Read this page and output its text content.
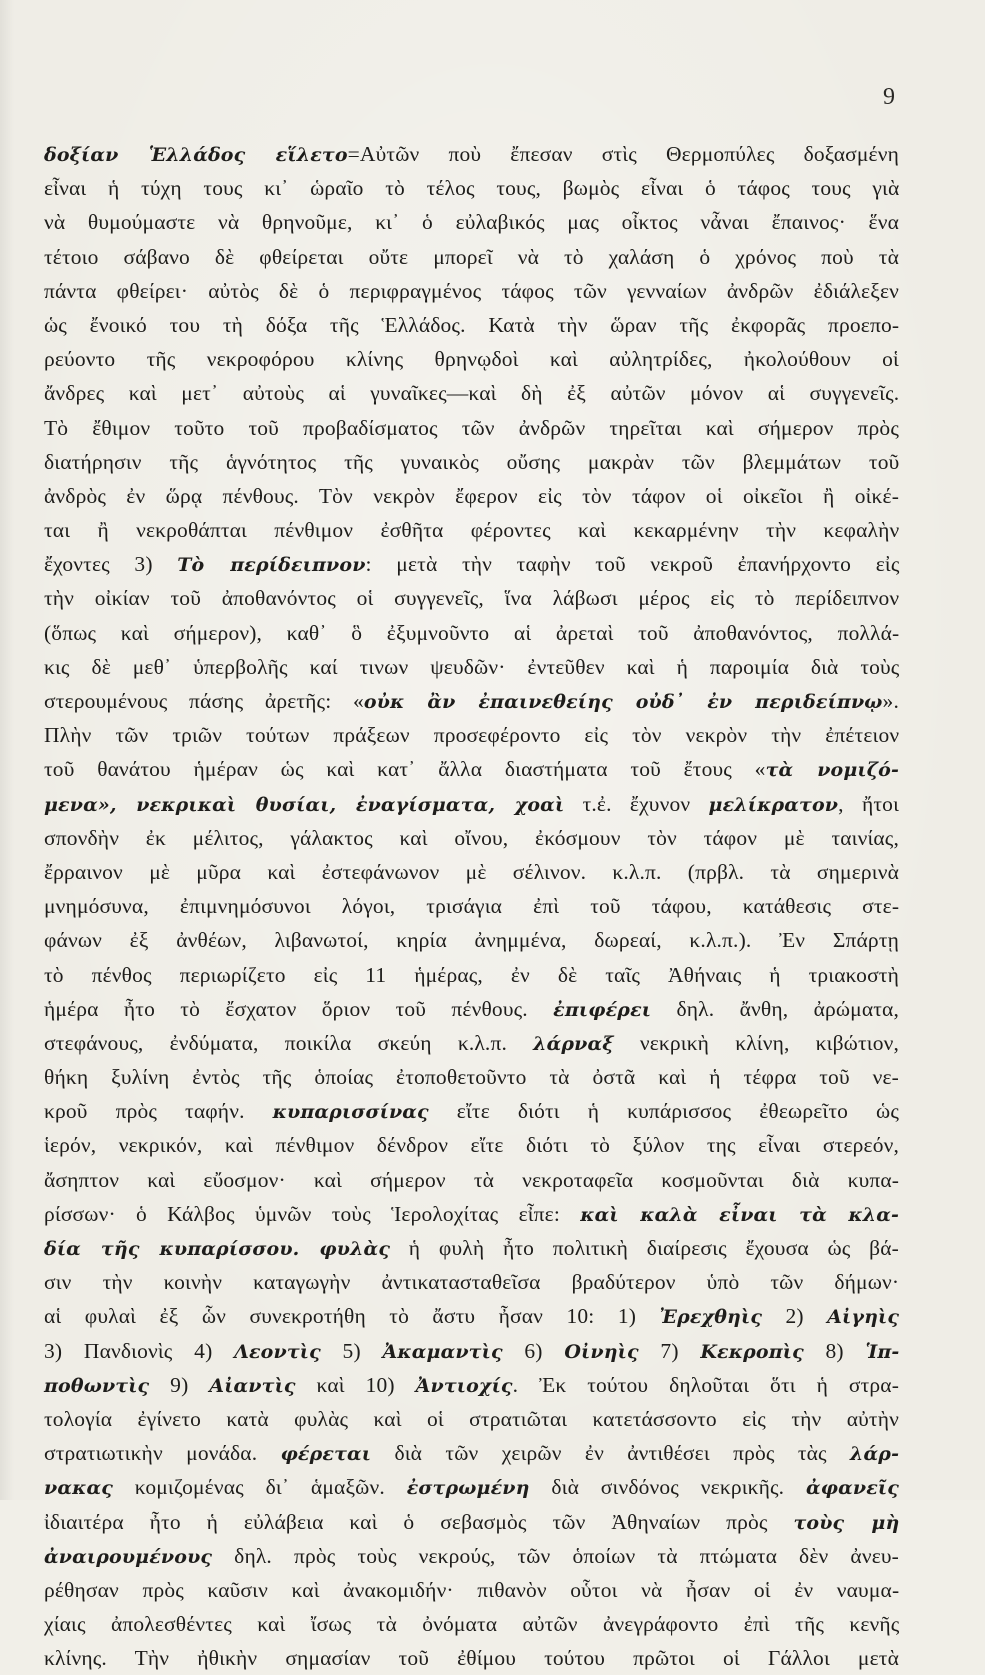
9
δοξίαν Ἑλλάδος εἵλετο=Αὐτῶν ποὺ ἔπεσαν στὶς Θερμοπύλες δοξασμένη
εἶναι ἡ τύχη τους κι᾽ ὡραῖο τὸ τέλος τους, βωμὸς εἶναι ὁ τάφος τους γιὰ
νὰ θυμούμαστε νὰ θρηνοῦμε, κι᾽ ὁ εὐλαβικός μας οἶκτος νἆναι ἔπαινος· ἕνα
τέτοιο σάβανο δὲ φθείρεται οὔτε μπορεῖ νὰ τὸ χαλάση ὁ χρόνος ποὺ τὰ
πάντα φθείρει· αὐτὸς δὲ ὁ περιφραγμένος τάφος τῶν γενναίων ἀνδρῶν ἐδιάλεξεν
ὡς ἔνοικό του τὴ δόξα τῆς Ἑλλάδος. Κατὰ τὴν ὥραν τῆς ἐκφορᾶς προεπο-
ρεύοντο τῆς νεκροφόρου κλίνης θρηνῳδοὶ καὶ αὐλητρίδες, ἠκολούθουν οἱ
ἄνδρες καὶ μετ᾽ αὐτοὺς αἱ γυναῖκες—καὶ δὴ ἐξ αὐτῶν μόνον αἱ συγγενεῖς.
Τὸ ἔθιμον τοῦτο τοῦ προβαδίσματος τῶν ἀνδρῶν τηρεῖται καὶ σήμερον πρὸς
διατήρησιν τῆς ἁγνότητος τῆς γυναικὸς οὔσης μακρὰν τῶν βλεμμάτων τοῦ
ἀνδρὸς ἐν ὥρᾳ πένθους. Τὸν νεκρὸν ἔφερον εἰς τὸν τάφον οἱ οἰκεῖοι ἢ οἰκέ-
ται ἢ νεκροθάπται πένθιμον ἐσθῆτα φέροντες καὶ κεκαρμένην τὴν κεφαλὴν
ἔχοντες 3) Τὸ περίδειπνον: μετὰ τὴν ταφὴν τοῦ νεκροῦ ἐπανήρχοντο εἰς
τὴν οἰκίαν τοῦ ἀποθανόντος οἱ συγγενεῖς, ἵνα λάβωσι μέρος εἰς τὸ περίδειπνον
(ὅπως καὶ σήμερον), καθ᾽ ὃ ἐξυμνοῦντο αἱ ἀρεταὶ τοῦ ἀποθανόντος, πολλά-
κις δὲ μεθ᾽ ὑπερβολῆς καί τινων ψευδῶν· ἐντεῦθεν καὶ ἡ παροιμία διὰ τοὺς
στερουμένους πάσης ἀρετῆς: «οὐκ ἂν ἐπαινεθείης οὐδ᾽ ἐν περιδείπνῳ».
Πλὴν τῶν τριῶν τούτων πράξεων προσεφέροντο εἰς τὸν νεκρὸν τὴν ἐπέτειον
τοῦ θανάτου ἡμέραν ὡς καὶ κατ᾽ ἄλλα διαστήματα τοῦ ἔτους «τὰ νομιζό-
μενα», νεκρικαὶ θυσίαι, ἐναγίσματα, χοαὶ τ.ἐ. ἔχυνον μελίκρατον, ἤτοι
σπονδὴν ἐκ μέλιτος, γάλακτος καὶ οἴνου, ἐκόσμουν τὸν τάφον μὲ ταινίας,
ἔρραινον μὲ μῦρα καὶ ἐστεφάνωνον μὲ σέλινον. κ.λ.π. (πρβλ. τὰ σημερινὰ
μνημόσυνα, ἐπιμνημόσυνοι λόγοι, τρισάγια ἐπὶ τοῦ τάφου, κατάθεσις στε-
φάνων ἐξ ἀνθέων, λιβανωτοί, κηρία ἀνημμένα, δωρεαί, κ.λ.π.). Ἐν Σπάρτῃ
τὸ πένθος περιωρίζετο εἰς 11 ἡμέρας, ἐν δὲ ταῖς Ἀθήναις ἡ τριακοστὴ
ἡμέρα ἦτο τὸ ἔσχατον ὅριον τοῦ πένθους. ἐπιφέρει δηλ. ἄνθη, ἀρώματα,
στεφάνους, ἐνδύματα, ποικίλα σκεύη κ.λ.π. λάρναξ νεκρικὴ κλίνη, κιβώτιον,
θήκη ξυλίνη ἐντὸς τῆς ὁποίας ἐτοποθετοῦντο τὰ ὀστᾶ καὶ ἡ τέφρα τοῦ νε-
κροῦ πρὸς ταφήν. κυπαρισσίνας εἴτε διότι ἡ κυπάρισσος ἐθεωρεῖτο ὡς
ἱερόν, νεκρικόν, καὶ πένθιμον δένδρον εἴτε διότι τὸ ξύλον της εἶναι στερεόν,
ἄσηπτον καὶ εὔοσμον· καὶ σήμερον τὰ νεκροταφεῖα κοσμοῦνται διὰ κυπα-
ρίσσων· ὁ Κάλβος ὑμνῶν τοὺς Ἱερολοχίτας εἶπε: καὶ καλὰ εἶναι τὰ κλα-
δία τῆς κυπαρίσσου. φυλὰς ἡ φυλὴ ἦτο πολιτικὴ διαίρεσις ἔχουσα ὡς βά-
σιν τὴν κοινὴν καταγωγὴν ἀντικατασταθεῖσα βραδύτερον ὑπὸ τῶν δήμων·
αἱ φυλαὶ ἐξ ὧν συνεκροτήθη τὸ ἄστυ ἦσαν 10: 1) Ἐρεχθηὶς 2) Αἰγηὶς
3) Πανδιονὶς 4) Λεοντὶς 5) Ἀκαμαντὶς 6) Οἰνηὶς 7) Κεκροπὶς 8) Ἱπ-
ποθωντὶς 9) Αἰαντὶς καὶ 10) Ἀντιοχίς. Ἐκ τούτου δηλοῦται ὅτι ἡ στρα-
τολογία ἐγίνετο κατὰ φυλὰς καὶ οἱ στρατιῶται κατετάσσοντο εἰς τὴν αὐτὴν
στρατιωτικὴν μονάδα. φέρεται διὰ τῶν χειρῶν ἐν ἀντιθέσει πρὸς τὰς λάρ-
νακας κομιζομένας δι᾽ ἁμαξῶν. ἐστρωμένη διὰ σινδόνος νεκρικῆς. ἀφανεῖς
ἰδιαιτέρα ἦτο ἡ εὐλάβεια καὶ ὁ σεβασμὸς τῶν Ἀθηναίων πρὸς τοὺς μὴ
ἀναιρουμένους δηλ. πρὸς τοὺς νεκρούς, τῶν ὁποίων τὰ πτώματα δὲν ἀνευ-
ρέθησαν πρὸς καῦσιν καὶ ἀνακομιδήν· πιθανὸν οὗτοι νὰ ἦσαν οἱ ἐν ναυμα-
χίαις ἀπολεσθέντες καὶ ἴσως τὰ ὀνόματα αὐτῶν ἀνεγράφοντο ἐπὶ τῆς κενῆς
κλίνης. Τὴν ἠθικὴν σημασίαν τοῦ ἐθίμου τούτου πρῶτοι οἱ Γάλλοι μετὰ
